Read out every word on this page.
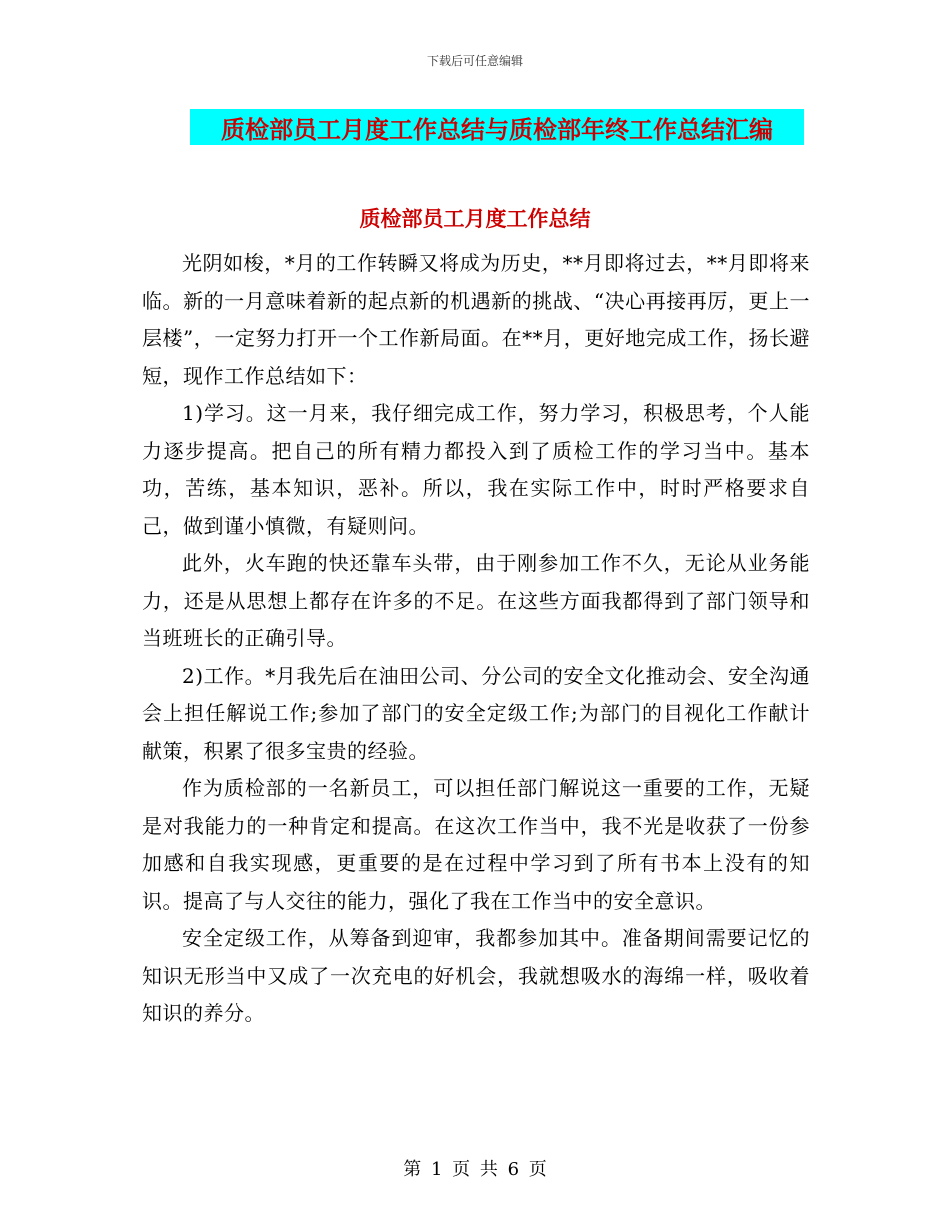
下载后可任意编辑
质检部员工月度工作总结与质检部年终工作总结汇编
质检部员工月度工作总结

光阴如梭，*月的工作转瞬又将成为历史，**月即将过去，**月即将来临。新的一月意味着新的起点新的机遇新的挑战、“决心再接再厉，更上一层楼”，一定努力打开一个工作新局面。在**月，更好地完成工作，扬长避短，现作工作总结如下：

1)学习。这一月来，我仔细完成工作，努力学习，积极思考，个人能力逐步提高。把自己的所有精力都投入到了质检工作的学习当中。基本功，苦练，基本知识，恶补。所以，我在实际工作中，时时严格要求自己，做到谨小慎微，有疑则问。

此外，火车跑的快还靠车头带，由于刚参加工作不久，无论从业务能力，还是从思想上都存在许多的不足。在这些方面我都得到了部门领导和当班班长的正确引导。

2)工作。*月我先后在油田公司、分公司的安全文化推动会、安全沟通会上担任解说工作;参加了部门的安全定级工作;为部门的目视化工作献计献策，积累了很多宝贵的经验。

作为质检部的一名新员工，可以担任部门解说这一重要的工作，无疑是对我能力的一种肯定和提高。在这次工作当中，我不光是收获了一份参加感和自我实现感，更重要的是在过程中学习到了所有书本上没有的知识。提高了与人交往的能力，强化了我在工作当中的安全意识。

安全定级工作，从筹备到迎审，我都参加其中。准备期间需要记忆的知识无形当中又成了一次充电的好机会，我就想吸水的海绵一样，吸收着知识的养分。

第 1 页 共 6 页
